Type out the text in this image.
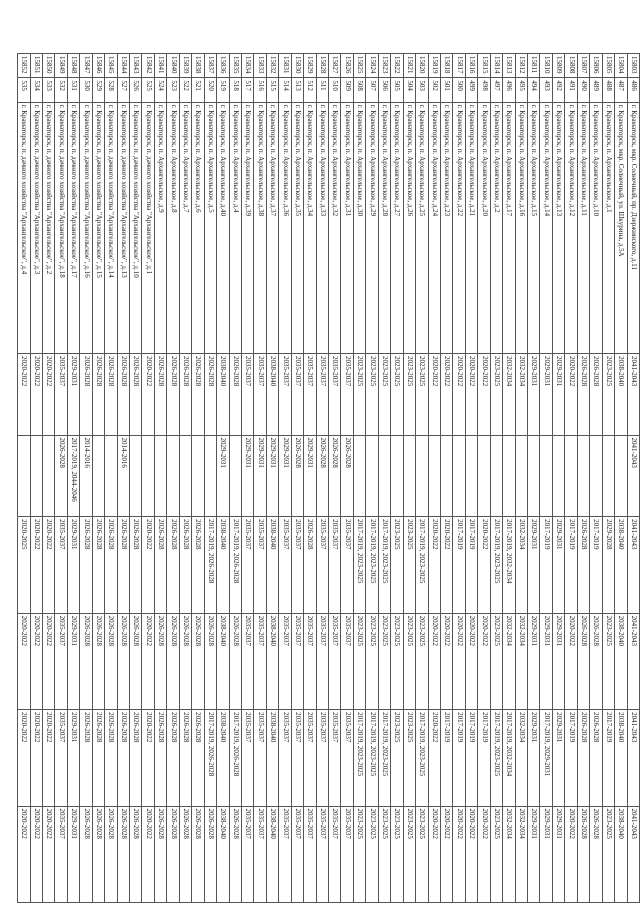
15803	486	г. Краматорск, мкр. Солнечный, пр. Дзержинского, д.11	2041-2043	2041-2043	2041-2043	2041-2043	2041-2043	2041-2043
15804	487	г. Краматорск, мкр. Солнечный, ул. Шкурина, д.5А	2038-2040		2038-2040	2038-2040	2038-2040	2038-2040
15805	488	г. Краматорск, п. Архангельское, д.1	2023-2025		2029-2028	2023-2025	2017-2019	2023-2025
15806	489	г. Краматорск, п. Архангельское, д.10	2026-2028		2017-2019	2026-2028	2026-2028	2026-2028
15807	490	г. Краматорск, п. Архангельское, д.11	2026-2028		2026-2028	2026-2028	2026-2028	2026-2028
15808	491	г. Краматорск, п. Архангельское, д.12	2020-2022		2017-2019	2020-2022	2017-2019	2020-2022
15809	492	г. Краматорск, п. Архангельское, д.13	2029-2031		2029-2031	2029-2031	2029-2031	2029-2031
15810	493	г. Краматорск, п. Архангельское, д.14	2029-2031		2017-2019	2029-2031	2017-2019, 2029-2031	2029-2031
15811	494	г. Краматорск, п. Архангельское, д.15	2029-2031		2029-2031	2029-2031	2029-2031	2029-2031
15812	495	г. Краматорск, п. Архангельское, д.16	2032-2034		2032-2034	2032-2034	2032-2034	2032-2034
15813	496	г. Краматорск, п. Архангельское, д.17	2032-2034		2017-2019, 2032-2034	2032-2034	2017-2019, 2032-2034	2032-2034
15814	497	г. Краматорск, п. Архангельское, д.2	2023-2025		2017-2019, 2023-2025	2023-2025	2017-2019, 2023-2025	2023-2025
15815	498	г. Краматорск, п. Архангельское, д.20	2020-2022		2020-2022	2020-2022	2017-2019	2020-2022
15816	499	г. Краматорск, п. Архангельское, д.21	2020-2022		2017-2019	2020-2022	2017-2019	2020-2022
15817	500	г. Краматорск, п. Архангельское, д.22	2020-2022		2017-2019	2020-2022	2017-2019	2020-2022
15818	501	г. Краматорск, п. Архангельское, д.23	2020-2022		2020-2022	2020-2022	2017-2019	2020-2022
15819	502	г. Краматорск, п. Архангельское, д.24	2020-2022		2020-2022	2020-2022	2020-2022	2020-2022
15820	503	г. Краматорск, п. Архангельское, д.25	2023-2025		2017-2019, 2023-2025	2023-2025	2017-2019, 2023-2025	2023-2025
15821	504	г. Краматорск, п. Архангельское, д.26	2023-2025		2023-2025	2023-2025	2023-2025	2023-2025
15822	505	г. Краматорск, п. Архангельское, д.27	2023-2025		2023-2025	2023-2025	2023-2025	2023-2025
15823	506	г. Краматорск, п. Архангельское, д.28	2023-2025		2017-2019, 2023-2025	2023-2025	2017-2019, 2023-2025	2023-2025
15824	507	г. Краматорск, п. Архангельское, д.29	2023-2025		2017-2019, 2023-2025	2023-2025	2017-2019, 2023-2025	2023-2025
15825	508	г. Краматорск, п. Архангельское, д.30	2023-2025		2017-2019, 2023-2025	2023-2025	2017-2019, 2023-2025	2023-2025
15826	509	г. Краматорск, п. Архангельское, д.31	2035-2037	2026-2028	2035-2037	2035-2037	2035-2037	2035-2037
15827	510	г. Краматорск, п. Архангельское, д.32	2035-2037	2026-2028	2035-2037	2035-2037	2035-2037	2035-2037
15828	511	г. Краматорск, п. Архангельское, д.33	2035-2037	2026-2028	2035-2037	2035-2037	2035-2037	2035-2037
15829	512	г. Краматорск, п. Архангельское, д.34	2035-2037	2029-2031	2026-2028	2035-2037	2035-2037	2035-2037
15830	513	г. Краматорск, п. Архангельское, д.35	2035-2037	2026-2028	2035-2037	2035-2037	2035-2037	2035-2037
15831	514	г. Краматорск, п. Архангельское, д.36	2035-2037	2029-2031	2035-2037	2035-2037	2035-2037	2035-2037
15832	515	г. Краматорск, п. Архангельское, д.37	2038-2040	2029-2031	2038-2040	2038-2040	2038-2040	2038-2040
15833	516	г. Краматорск, п. Архангельское, д.38	2035-2037	2029-2031	2035-2037	2035-2037	2035-2037	2035-2037
15834	517	г. Краматорск, п. Архангельское, д.39	2035-2037	2029-2031	2035-2037	2035-2037	2035-2037	2035-2037
15835	518	г. Краматорск, п. Архангельское, д.4	2026-2028		2017-2019, 2026-2028	2026-2028	2017-2019, 2026-2028	2026-2028
15836	519	г. Краматорск, п. Архангельское, д.40	2038-2040	2029-2031	2038-2040	2038-2040	2038-2040	2038-2040
15837	520	г. Краматорск, п. Архангельское, д.5	2026-2028		2017-2019, 2026-2028	2026-2028	2017-2019, 2026-2028	2026-2028
15838	521	г. Краматорск, п. Архангельское, д.6	2026-2028		2026-2028	2026-2028	2026-2028	2026-2028
15839	522	г. Краматорск, п. Архангельское, д.7	2026-2028		2026-2028	2026-2028	2026-2028	2026-2028
15840	523	г. Краматорск, п. Архангельское, д.8	2026-2028		2026-2028	2026-2028	2026-2028	2026-2028
15841	524	г. Краматорск, п. Архангельское, д.9	2026-2028		2026-2028	2026-2028	2026-2028	2026-2028
15842	525	г. Краматорск, п. дачного хозяйства "Архангельское", д.1	2020-2022		2020-2022	2020-2022	2020-2022	2020-2022
15843	526	г. Краматорск, п. дачного хозяйства "Архангельское", д.10	2026-2028		2026-2028	2026-2028	2026-2028	2026-2028
15844	527	г. Краматорск, п. дачного хозяйства "Архангельское", д.13	2026-2028	2014-2016	2026-2028	2026-2028	2026-2028	2026-2028
15845	528	г. Краматорск, п. дачного хозяйства "Архангельское", д.14	2026-2028		2026-2028	2026-2028	2026-2028	2026-2028
15846	529	г. Краматорск, п. дачного хозяйства "Архангельское", д.15	2026-2028		2026-2028	2026-2028	2026-2028	2026-2028
15847	530	г. Краматорск, п. дачного хозяйства "Архангельское", д.16	2026-2028	2014-2016	2026-2028	2026-2028	2026-2028	2026-2028
15848	531	г. Краматорск, п. дачного хозяйства "Архангельское", д.17	2029-2031	2017-2019, 2044-2046	2029-2031	2029-2031	2029-2031	2029-2031
15849	532	г. Краматорск, п. дачного хозяйства "Архангельское", д.18	2035-2037	2026-2028	2035-2037	2035-2037	2035-2037	2035-2037
15850	533	г. Краматорск, п. дачного хозяйства "Архангельское", д.2	2020-2022		2020-2022	2020-2022	2020-2022	2020-2022
15851	534	г. Краматорск, п. дачного хозяйства "Архангельское", д.3	2020-2022		2020-2022	2020-2022	2020-2022	2020-2022
15852	535	г. Краматорск, п. дачного хозяйства "Архангельское", д.4	2020-2022		2020-2025	2020-2022	2020-2022	2020-2022
